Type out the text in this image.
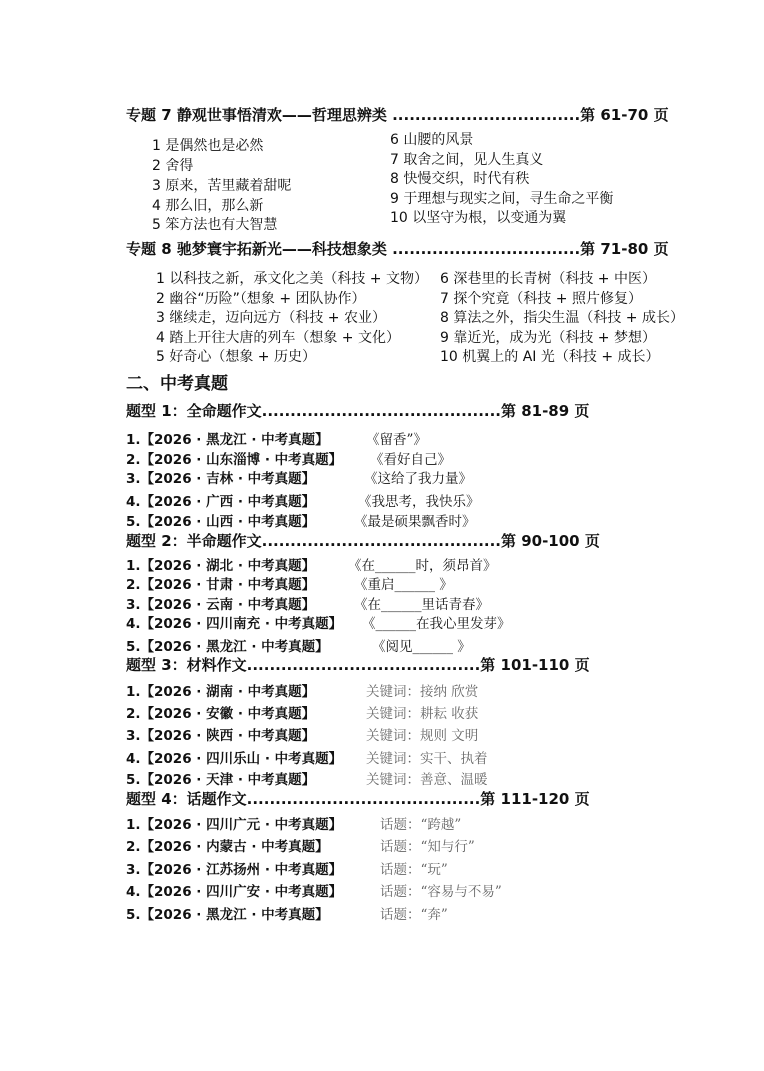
专题 7 静观世事悟清欢——哲理思辨类 .................................第 61-70 页
1 是偶然也是必然
2 舍得
3 原来，苦里藏着甜呢
4 那么旧，那么新
5 笨方法也有大智慧
6 山腰的风景
7 取舍之间，见人生真义
8 快慢交织，时代有秩
9 于理想与现实之间，寻生命之平衡
10 以坚守为根，以变通为翼
专题 8 驰梦寰宇拓新光——科技想象类 .................................第 71-80 页
1 以科技之新，承文化之美（科技 + 文物）
2 幽谷“历险”（想象 + 团队协作）
3 继续走，迈向远方（科技 + 农业）
4 踏上开往大唐的列车（想象 + 文化）
5 好奇心（想象 + 历史）
6 深巷里的长青树（科技 + 中医）
7 探个究竟（科技 + 照片修复）
8 算法之外，指尖生温（科技 + 成长）
9 靠近光，成为光（科技 + 梦想）
10 机翼上的 AI 光（科技 + 成长）
二、中考真题
题型 1：全命题作文..........................................第 81-89 页
1.【2026 · 黑龙江 · 中考真题】	《留香”》
2.【2026 · 山东淄博 · 中考真题】 《看好自己》
3.【2026 · 吉林 · 中考真题】	《这给了我力量》
4.【2026 · 广西 · 中考真题】	《我思考，我快乐》
5.【2026 · 山西 · 中考真题】	《最是硕果飘香时》
题型 2：半命题作文..........................................第 90-100 页
1.【2026 · 湖北 · 中考真题】 《在______时，须昂首》
2.【2026 · 甘肃 · 中考真题】	《重启______ 》
3.【2026 · 云南 · 中考真题】	《在______里话青春》
4.【2026 · 四川南充 · 中考真题】 《______在我心里发芽》
5.【2026 · 黑龙江 · 中考真题】	《阅见______ 》
题型 3：材料作文.........................................第 101-110 页
1.【2026 · 湖南 · 中考真题】	关键词：接纳 欣赏
2.【2026 · 安徽 · 中考真题】	关键词：耕耘 收获
3.【2026 · 陕西 · 中考真题】	关键词：规则 文明
4.【2026 · 四川乐山 · 中考真题】 关键词：实干、执着
5.【2026 · 天津 · 中考真题】	关键词：善意、温暖
题型 4：话题作文.........................................第 111-120 页
1.【2026 · 四川广元 · 中考真题】	话题：“跨越”
2.【2026 · 内蒙古 · 中考真题】	话题：“知与行”
3.【2026 · 江苏扬州 · 中考真题】	话题：“玩”
4.【2026 · 四川广安 · 中考真题】	话题：“容易与不易”
5.【2026 · 黑龙江 · 中考真题】	话题：“奔”
